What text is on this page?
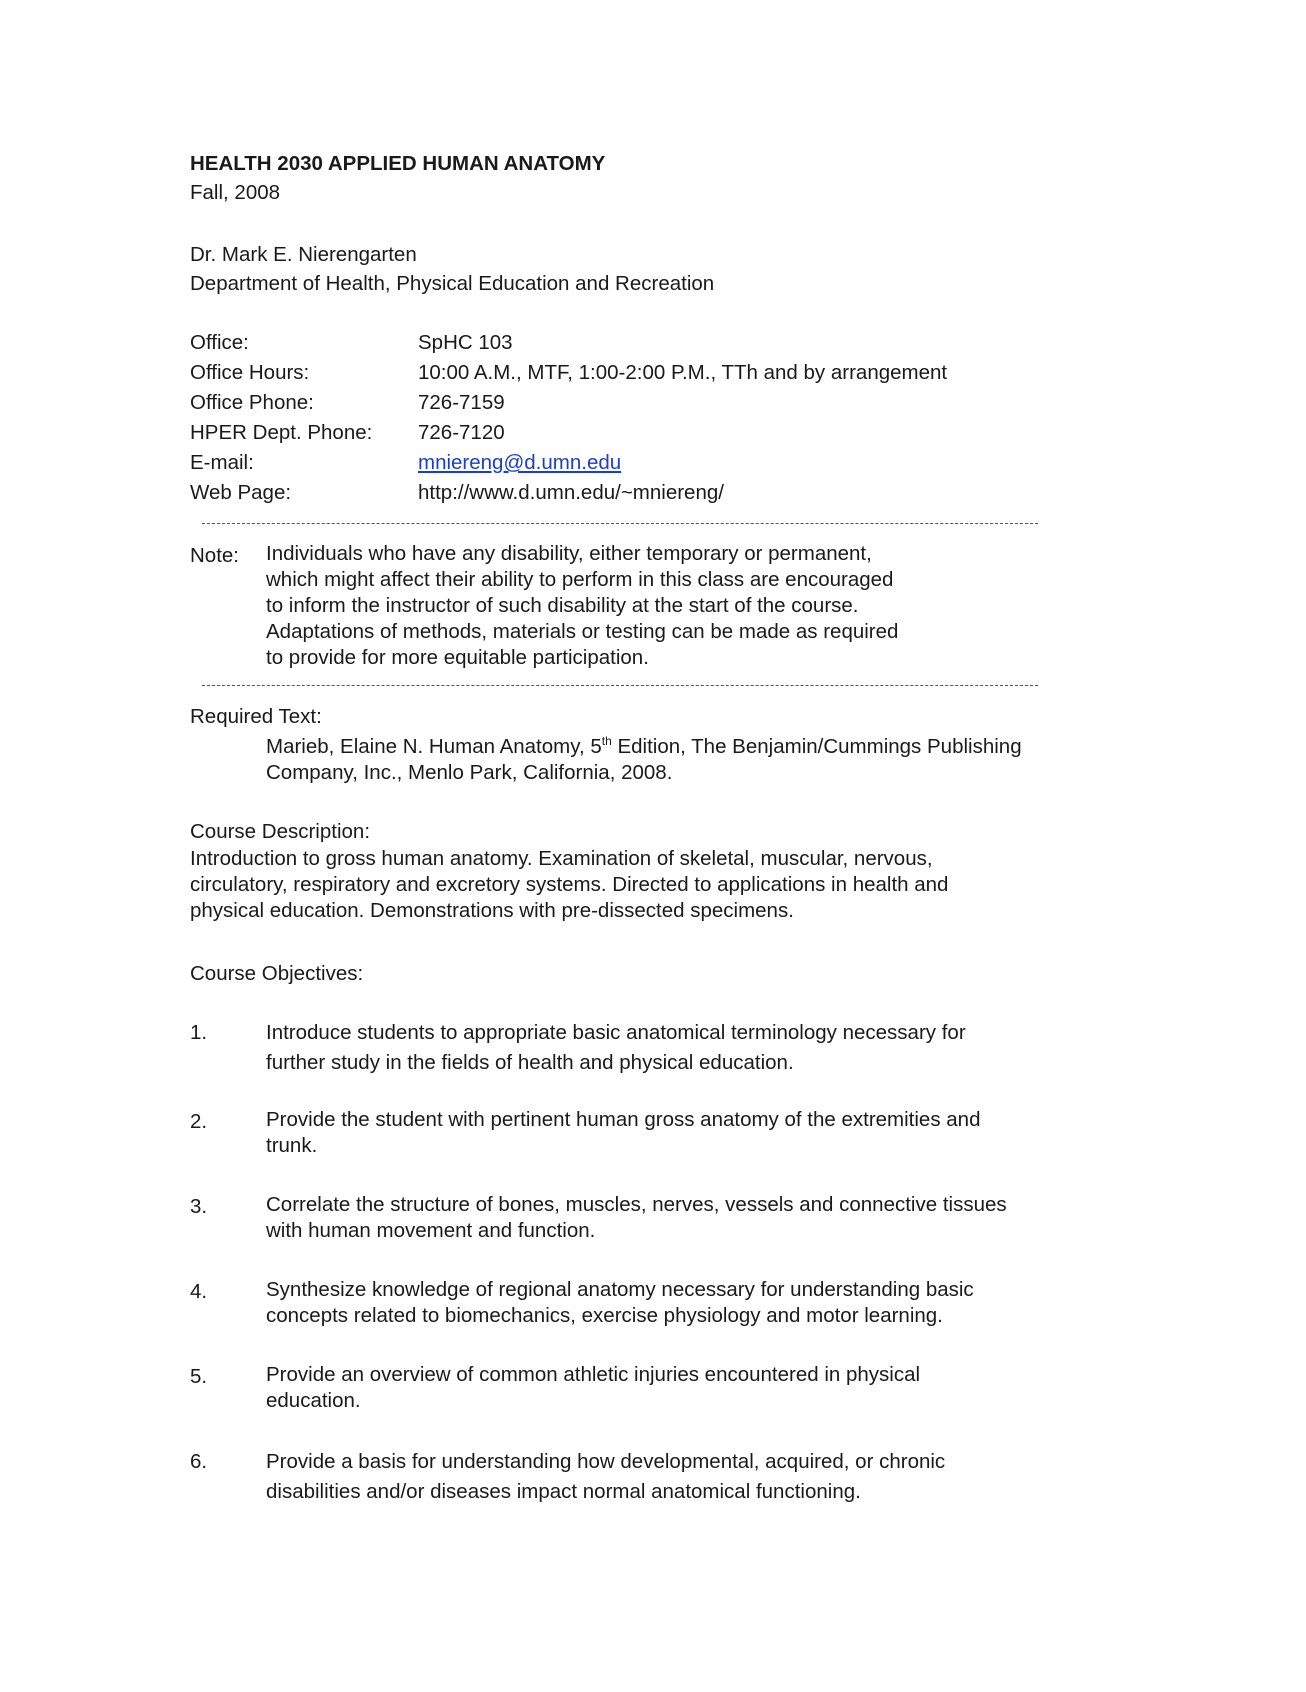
HEALTH 2030 APPLIED HUMAN ANATOMY
Fall, 2008
Dr. Mark E. Nierengarten
Department of Health, Physical Education and Recreation
Office:	SpHC 103
Office Hours:	10:00 A.M., MTF, 1:00-2:00 P.M., TTh and by arrangement
Office Phone:	726-7159
HPER Dept. Phone: 726-7120
E-mail:	mniereng@d.umn.edu
Web Page:	http://www.d.umn.edu/~mniereng/
Note: Individuals who have any disability, either temporary or permanent,
which might affect their ability to perform in this class are encouraged
to inform the instructor of such disability at the start of the course.
Adaptations of methods, materials or testing can be made as required
to provide for more equitable participation.
Required Text:
Marieb, Elaine N. Human Anatomy, 5th Edition, The Benjamin/Cummings Publishing
Company, Inc., Menlo Park, California, 2008.
Course Description:
Introduction to gross human anatomy. Examination of skeletal, muscular, nervous,
circulatory, respiratory and excretory systems. Directed to applications in health and
physical education. Demonstrations with pre-dissected specimens.
Course Objectives:
1.	Introduce students to appropriate basic anatomical terminology necessary for
further study in the fields of health and physical education.
2.	Provide the student with pertinent human gross anatomy of the extremities and
trunk.
3.	Correlate the structure of bones, muscles, nerves, vessels and connective tissues
with human movement and function.
4.	Synthesize knowledge of regional anatomy necessary for understanding basic
concepts related to biomechanics, exercise physiology and motor learning.
5.	Provide an overview of common athletic injuries encountered in physical
education.
6.	Provide a basis for understanding how developmental, acquired, or chronic
disabilities and/or diseases impact normal anatomical functioning.
